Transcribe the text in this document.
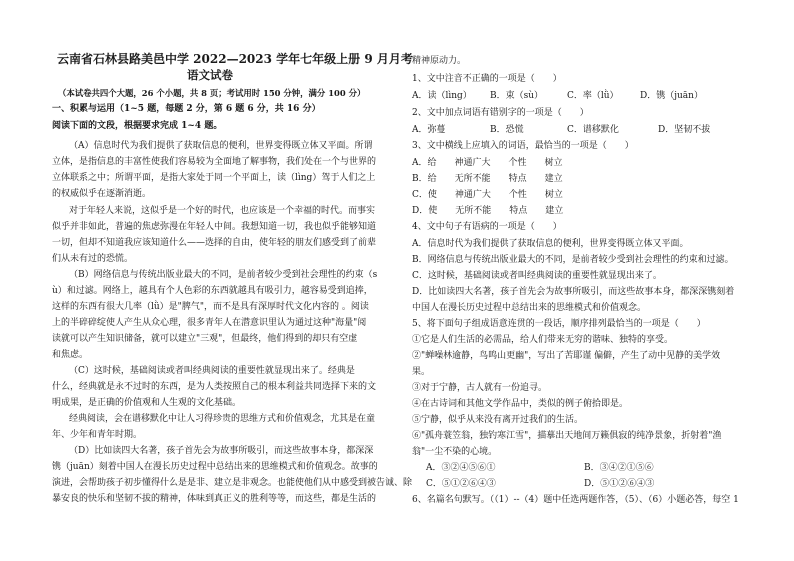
云南省石林县路美邑中学 2022—2023 学年七年级上册 9 月月考
语文试卷
（本试卷共四个大题，26 个小题，共 8 页；考试用时 150 分钟，满分 100 分）
一、积累与运用（1~5 题，每题 2 分，第 6 题 6 分，共 16 分）
阅读下面的文段，根据要求完成 1~4 题。
（A）信息时代为我们提供了获取信息的便利，世界变得既立体又平面。所谓
立体，是指信息的丰富性使我们容易较为全面地了解事物，我们处在一个与世界的
立体联系之中；所谓平面，是指大家处于同一个平面上，读（lìng）驾于人们之上
的权威似乎在逐渐消逝。
对于年轻人来说，这似乎是一个好的时代，也应该是一个幸福的时代。而事实
似乎并非如此，普遍的焦虑弥漫在年轻人中间。我想知道一切，我也似乎能够知道
一切，但却不知道我应该知道什么——选择的自由，使年轻的朋友们感受到了前辈
们从未有过的恐慌。
（B）网络信息与传统出版业最大的不同，是前者较少受到社会理性的约束（s
ù）和过滤。网络上，越具有个人色彩的东西就越具有吸引力，越容易受到追捧，
这样的东西有很大几率（lǜ）是"脾气"，而不是具有深厚时代文化内容的 。阅读
上的半碎碎绽使人产生从众心理，很多青年人在潜意识里认为通过这种"海量"阅
读就可以产生知识储备，就可以建立"三观"，但最终，他们得到的却只有空虚
和焦虑。
（C）这时候，基础阅读或者叫经典阅读的重要性就显现出来了。经典是
什么，经典就是永不过时的东西，是为人类按照自己的根本利益共同选择下来的文
明成果，是正确的价值观和人生观的文化基础。
经典阅读，会在谱移默化中让人习得珍贵的思维方式和价值观念，尤其是在童
年、少年和青年时期。
（D）比如读四大名著，孩子首先会为故事所吸引，而这些故事本身，都深深
镌（juān）刻着中国人在漫长历史过程中总结出来的思维模式和价值观念。故事的
演进，会帮助孩子初步懂得什么是是非、建立是非观念。也能使他们从中感受到被告诚、除
暴安良的快乐和坚韧不拔的精神，体味到真正义的胜利等等，而这些，都是生活的
精神原动力。
1、文中注音不正确的一项是（　　）
A．读（lìng） B．束（sù）	C．率（lǜ） D．镌（juān）
2、文中加点词语有错别字的一项是（　　）
A．弥蔓	B．恐慌	C．谱移默化	D．坚韧不拔
3、文中横线上应填入的词语，最恰当的一项是（　　）
A．给　　神通广大　　个性　　树立
B．给　　无所不能　　特点　　建立
C．使　　神通广大　　个性　　树立
D．使　　无所不能　　特点　　建立
4、文中句子有语病的一项是（　　）
A．信息时代为我们提供了获取信息的便利，世界变得既立体又平面。
B．网络信息与传统出版业最大的不同，是前者较少受到社会理性的约束和过滤。
C．这时候，基础阅读或者叫经典阅读的重要性就显现出来了。
D．比如读四大名著，孩子首先会为故事所吸引，而这些故事本身，都深深镌刻着
中国人在漫长历史过程中总结出来的思维模式和价值观念。
5、将下面句子组成语意连贯的一段话，顺序排列最恰当的一项是（　　）
①它是人们生活的必需品，给人们带来无穷的谐味、独特的享受。
②"蝉噪林逾静，鸟鸣山更幽"，写出了苦耶谨 偏僻，产生了动中见静的美学效
果。
③对于宁静，古人就有一份追寻。
④在古诗词和其他文学作品中，类似的例子俯拾即是。
⑤宁静，似乎从来没有离开过我们的生活。
⑥"孤舟蓑笠翁，独钓寒江雪"，描摹出天地间万籁俱寂的纯净景象，折射着"渔
翁"一尘不染的心境。
A．③②④⑤⑥①	B．③④②①⑤⑥
C．⑤①②⑥④③	D．⑤①②⑥④③
6、名篇名句默写。（（1）--（4）题中任选两题作答，（5）、（6）小题必答，每空 1
